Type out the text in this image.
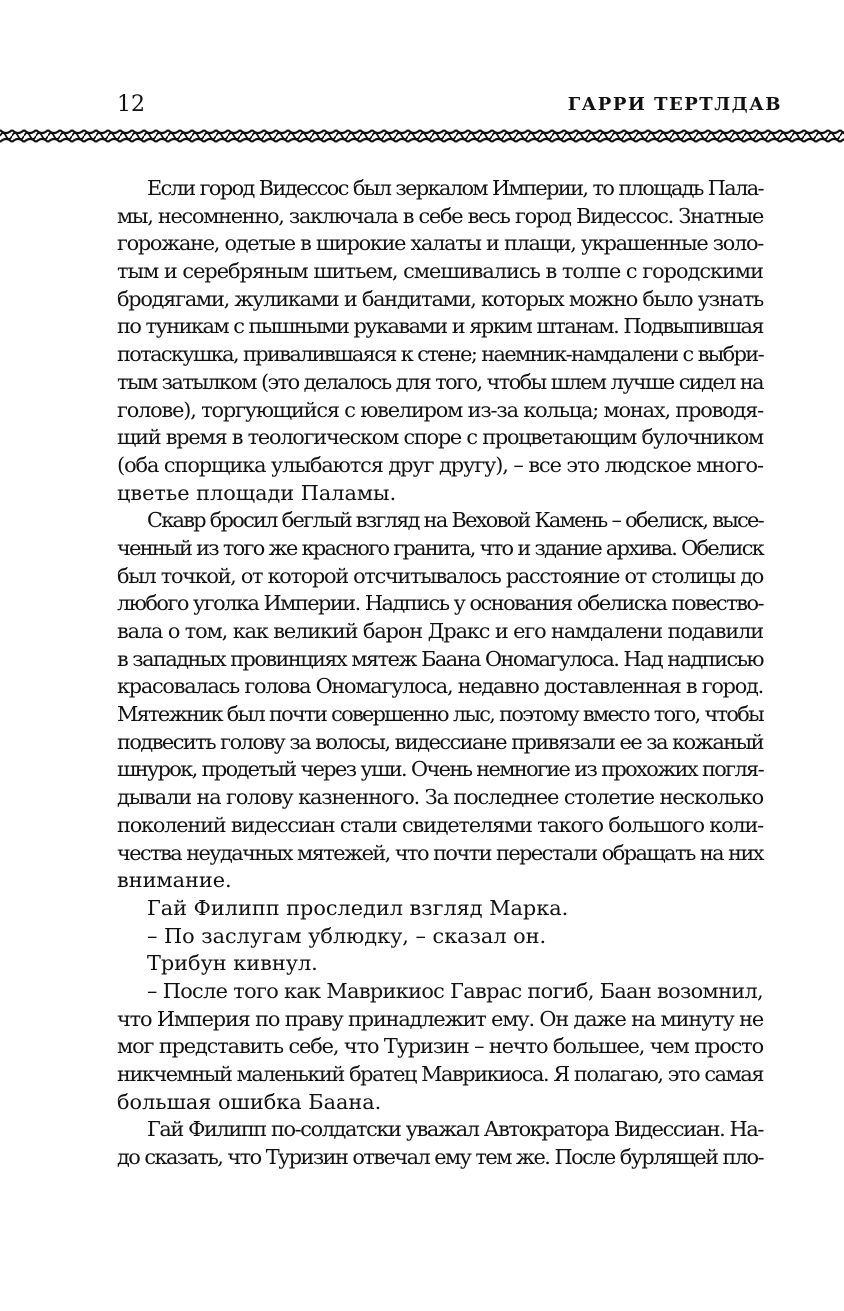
12	ГАРРИ ТЕРТЛДАВ
Если город Видессос был зеркалом Империи, то площадь Пала-
мы, несомненно, заключала в себе весь город Видессос. Знатные
горожане, одетые в широкие халаты и плащи, украшенные золо-
тым и серебряным шитьем, смешивались в толпе с городскими
бродягами, жуликами и бандитами, которых можно было узнать
по туникам с пышными рукавами и ярким штанам. Подвыпившая
потаскушка, привалившаяся к стене; наемник-намдалени с выбри-
тым затылком (это делалось для того, чтобы шлем лучше сидел на
голове), торгующийся с ювелиром из-за кольца; монах, проводя-
щий время в теологическом споре с процветающим булочником
(оба спорщика улыбаются друг другу), – все это людское много-
цветье площади Паламы.
Скавр бросил беглый взгляд на Веховой Камень – обелиск, высе-
ченный из того же красного гранита, что и здание архива. Обелиск
был точкой, от которой отсчитывалось расстояние от столицы до
любого уголка Империи. Надпись у основания обелиска повество-
вала о том, как великий барон Дракс и его намдалени подавили
в западных провинциях мятеж Баана Ономагулоса. Над надписью
красовалась голова Ономагулоса, недавно доставленная в город.
Мятежник был почти совершенно лыс, поэтому вместо того, чтобы
подвесить голову за волосы, видессиане привязали ее за кожаный
шнурок, продетый через уши. Очень немногие из прохожих погля-
дывали на голову казненного. За последнее столетие несколько
поколений видессиан стали свидетелями такого большого коли-
чества неудачных мятежей, что почти перестали обращать на них
внимание.
Гай Филипп проследил взгляд Марка.
– По заслугам ублюдку, – сказал он.
Трибун кивнул.
– После того как Маврикиос Гаврас погиб, Баан возомнил,
что Империя по праву принадлежит ему. Он даже на минуту не
мог представить себе, что Туризин – нечто большее, чем просто
никчемный маленький братец Маврикиоса. Я полагаю, это самая
большая ошибка Баана.
Гай Филипп по-солдатски уважал Автократора Видессиан. На-
до сказать, что Туризин отвечал ему тем же. После бурлящей пло-
